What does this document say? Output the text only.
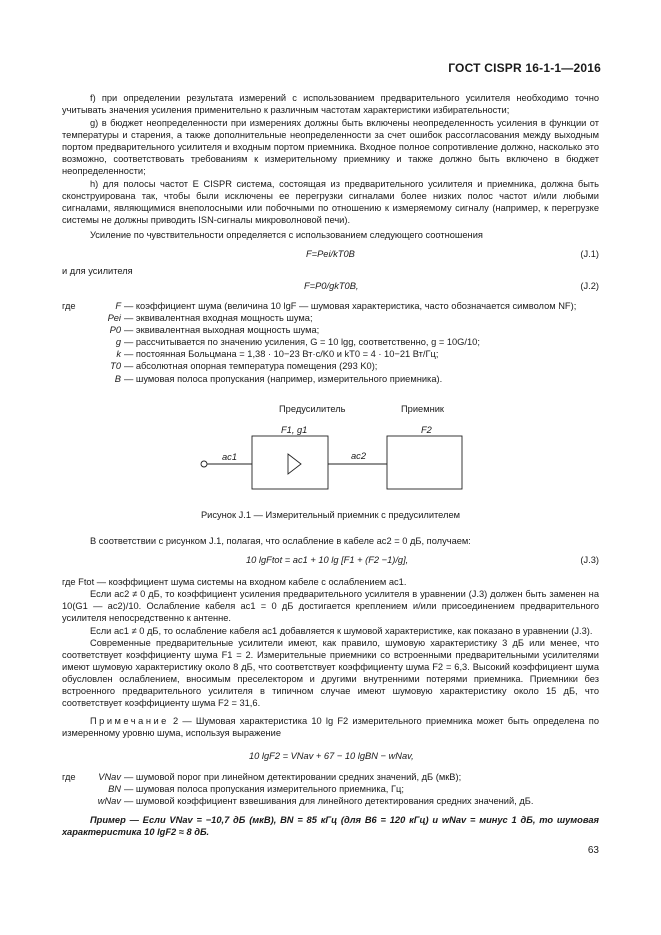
ГОСТ CISPR 16-1-1—2016

f) при определении результата измерений с использованием предварительного усилителя необходимо точно учитывать значения усиления применительно к различным частотам характеристики избирательности;

g) в бюджет неопределенности при измерениях должны быть включены неопределенность усиления в функции от температуры и старения, а также дополнительные неопределенности за счет ошибок рассогласования между выходным портом предварительного усилителя и входным портом приемника. Входное полное сопротивление должно, насколько это возможно, соответствовать требованиям к измерительному приемнику и также должно быть включено в бюджет неопределенности;

h) для полосы частот E CISPR система, состоящая из предварительного усилителя и приемника, должна быть сконструирована так, чтобы были исключены ее перегрузки сигналами более низких полос частот и/или любыми сигналами, являющимися внеполосными или побочными по отношению к измеряемому сигналу (например, к перегрузке системы не должны приводить ISN-сигналы микроволновой печи).

Усиление по чувствительности определяется с использованием следующего соотношения

F=Pei/kT0B	(J.1)

и для усилителя

F=P0/gkT0B,	(J.2)
где	F — коэффициент шума (величина 10 lgF — шумовая характеристика, часто обозначается символом NF);
Pei — эквивалентная входная мощность шума;
P0 — эквивалентная выходная мощность шума;
g — рассчитывается по значению усиления, G = 10 lgg, соответственно, g = 10G/10;
k — постоянная Больцмана = 1,38 · 10−23 Вт·с/K0 и kT0 = 4 · 10−21 Вт/Гц;
T0 — абсолютная опорная температура помещения (293 K0);
B — шумовая полоса пропускания (например, измерительного приемника).
Предусилитель	Приемник
F1, g1	F2
ac1	ac2
Рисунок J.1 — Измерительный приемник с предусилителем

В соответствии с рисунком J.1, полагая, что ослабление в кабеле ac2 = 0 дБ, получаем:

10 lgFtot = ac1 + 10 lg [F1 + (F2 −1)/g],	(J.3)

где Ftot — коэффициент шума системы на входном кабеле с ослаблением ac1.

Если ac2 ≠ 0 дБ, то коэффициент усиления предварительного усилителя в уравнении (J.3) должен быть заменен на 10(G1 — ac2)/10. Ослабление кабеля ac1 = 0 дБ достигается креплением и/или присоединением предварительного усилителя непосредственно к антенне.

Если ac1 ≠ 0 дБ, то ослабление кабеля ac1 добавляется к шумовой характеристике, как показано в уравнении (J.3).

Современные предварительные усилители имеют, как правило, шумовую характеристику 3 дБ или менее, что соответствует коэффициенту шума F1 = 2. Измерительные приемники со встроенными предварительными усилителями имеют шумовую характеристику около 8 дБ, что соответствует коэффициенту шума F2 = 6,3. Высокий коэффициент шума обусловлен ослаблением, вносимым преселектором и другими внутренними потерями приемника. Приемники без встроенного предварительного усилителя в типичном случае имеют шумовую характеристику около 15 дБ, что соответствует коэффициенту шума F2 = 31,6.

Примечание 2 — Шумовая характеристика 10 lg F2 измерительного приемника может быть определена по измеренному уровню шума, используя выражение

10 lgF2 = VNav + 67 − 10 lgBN − wNav,
где	VNav — шумовой порог при линейном детектировании средних значений, дБ (мкВ);
BN — шумовая полоса пропускания измерительного приемника, Гц;
wNav — шумовой коэффициент взвешивания для линейного детектирования средних значений, дБ.

Пример — Если VNav = −10,7 дБ (мкВ), BN = 85 кГц (для B6 = 120 кГц) и wNav = минус 1 дБ, то шумовая характеристика 10 lgF2 ≈ 8 дБ.

63
